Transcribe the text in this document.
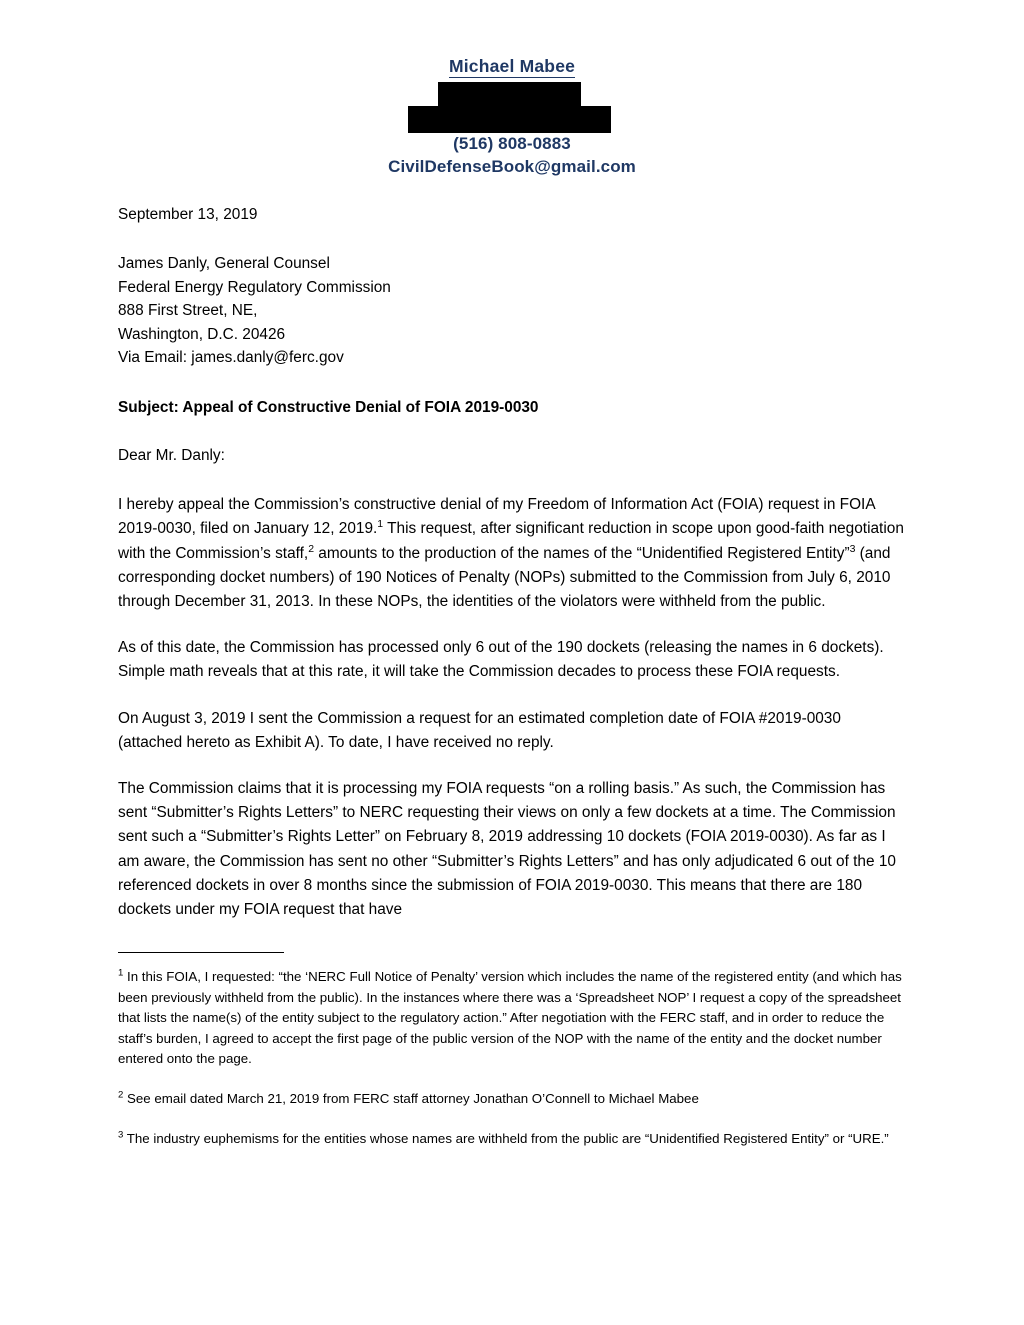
Michael Mabee
(516) 808-0883
CivilDefenseBook@gmail.com

September 13, 2019

James Danly, General Counsel
Federal Energy Regulatory Commission
888 First Street, NE,
Washington, D.C. 20426
Via Email: james.danly@ferc.gov

Subject: Appeal of Constructive Denial of FOIA 2019-0030

Dear Mr. Danly:

I hereby appeal the Commission’s constructive denial of my Freedom of Information Act (FOIA) request in FOIA 2019-0030, filed on January 12, 2019.$^1$ This request, after significant reduction in scope upon good-faith negotiation with the Commission’s staff,$^2$ amounts to the production of the names of the “Unidentified Registered Entity”$^3$ (and corresponding docket numbers) of 190 Notices of Penalty (NOPs) submitted to the Commission from July 6, 2010 through December 31, 2013. In these NOPs, the identities of the violators were withheld from the public.

As of this date, the Commission has processed only 6 out of the 190 dockets (releasing the names in 6 dockets). Simple math reveals that at this rate, it will take the Commission decades to process these FOIA requests.

On August 3, 2019 I sent the Commission a request for an estimated completion date of FOIA #2019-0030 (attached hereto as Exhibit A). To date, I have received no reply.

The Commission claims that it is processing my FOIA requests “on a rolling basis.” As such, the Commission has sent “Submitter’s Rights Letters” to NERC requesting their views on only a few dockets at a time. The Commission sent such a “Submitter’s Rights Letter” on February 8, 2019 addressing 10 dockets (FOIA 2019-0030). As far as I am aware, the Commission has sent no other “Submitter’s Rights Letters” and has only adjudicated 6 out of the 10 referenced dockets in over 8 months since the submission of FOIA 2019-0030. This means that there are 180 dockets under my FOIA request that have

$^1$ In this FOIA, I requested: “the ‘NERC Full Notice of Penalty’ version which includes the name of the registered entity (and which has been previously withheld from the public). In the instances where there was a ‘Spreadsheet NOP’ I request a copy of the spreadsheet that lists the name(s) of the entity subject to the regulatory action.” After negotiation with the FERC staff, and in order to reduce the staff’s burden, I agreed to accept the first page of the public version of the NOP with the name of the entity and the docket number entered onto the page.

$^2$ See email dated March 21, 2019 from FERC staff attorney Jonathan O’Connell to Michael Mabee

$^3$ The industry euphemisms for the entities whose names are withheld from the public are “Unidentified Registered Entity” or “URE.”
